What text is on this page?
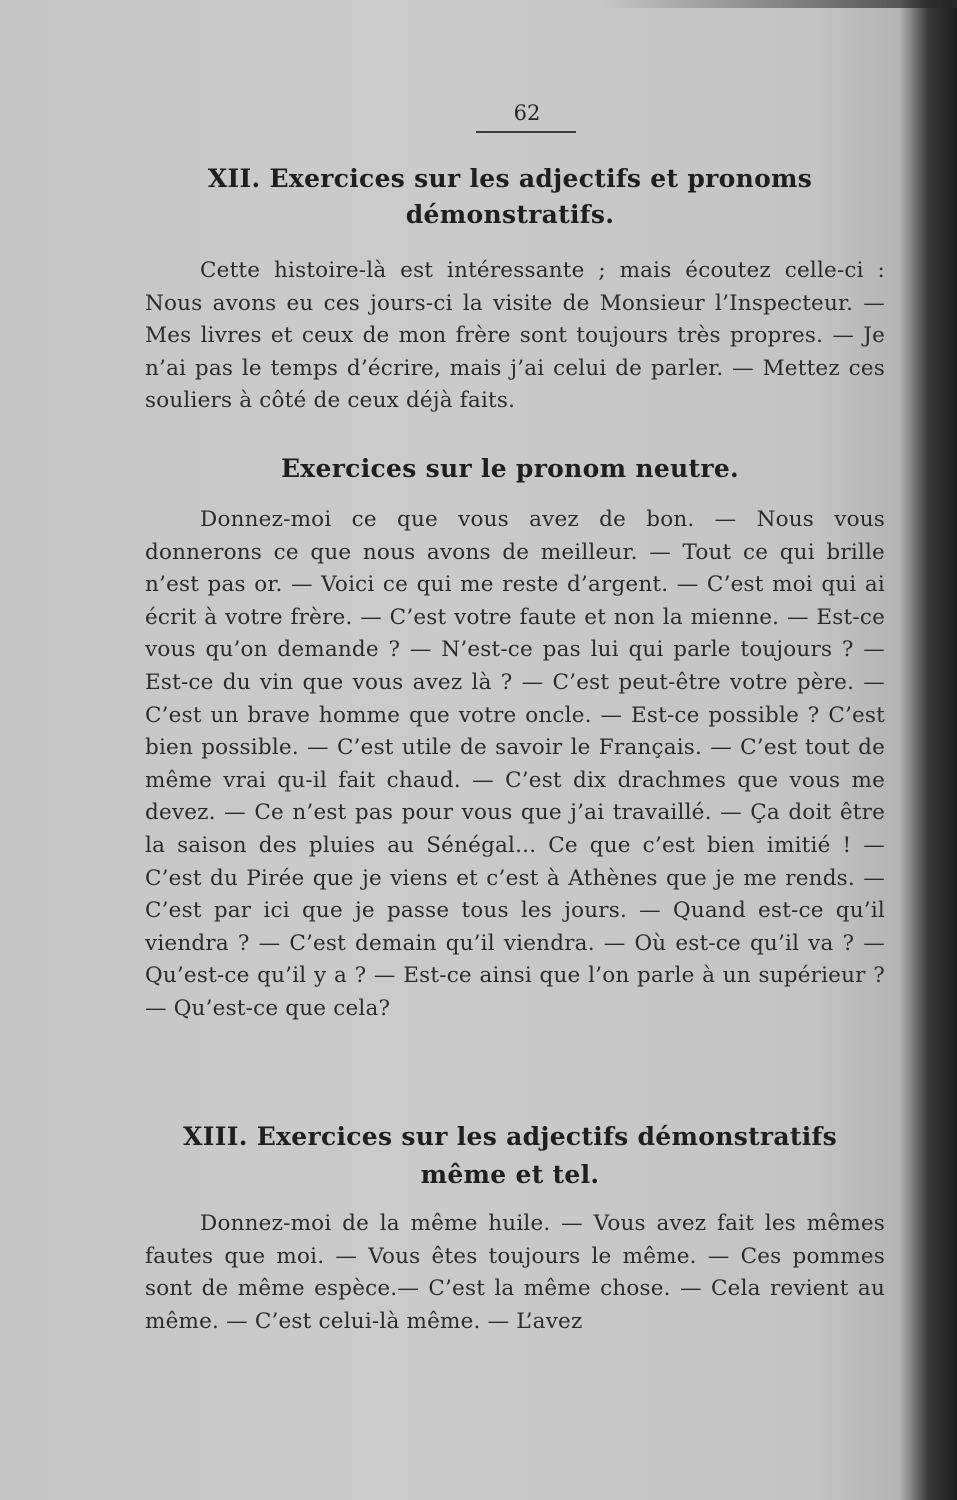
62
XII. Exercices sur les adjectifs et pronoms
démonstratifs.
Cette histoire-là est intéressante ; mais écoutez celle-ci : Nous avons eu ces jours-ci la visite de Monsieur l’Inspecteur. — Mes livres et ceux de mon frère sont toujours très propres. — Je n’ai pas le temps d’écrire, mais j’ai celui de parler. — Mettez ces souliers à côté de ceux déjà faits.
Exercices sur le pronom neutre.
Donnez-moi ce que vous avez de bon. — Nous vous donnerons ce que nous avons de meilleur. — Tout ce qui brille n’est pas or. — Voici ce qui me reste d’argent. — C’est moi qui ai écrit à votre frère. — C’est votre faute et non la mienne. — Est-ce vous qu’on demande ? — N’est-ce pas lui qui parle toujours ? — Est-ce du vin que vous avez là ? — C’est peut-être votre père. — C’est un brave homme que votre oncle. — Est-ce possible ? C’est bien possible. — C’est utile de savoir le Français. — C’est tout de même vrai qu-il fait chaud. — C’est dix drachmes que vous me devez. — Ce n’est pas pour vous que j’ai travaillé. — Ça doit être la saison des pluies au Sénégal... Ce que c’est bien imitié ! — C’est du Pirée que je viens et c’est à Athènes que je me rends. — C’est par ici que je passe tous les jours. — Quand est-ce qu’il viendra ? — C’est demain qu’il viendra. — Où est-ce qu’il va ? — Qu’est-ce qu’il y a ? — Est-ce ainsi que l’on parle à un supérieur ? — Qu’est-ce que cela?
XIII. Exercices sur les adjectifs démonstratifs
même et tel.
Donnez-moi de la même huile. — Vous avez fait les mêmes fautes que moi. — Vous êtes toujours le même. — Ces pommes sont de même espèce.— C’est la même chose. — Cela revient au même. — C’est celui-là même. — L’avez
